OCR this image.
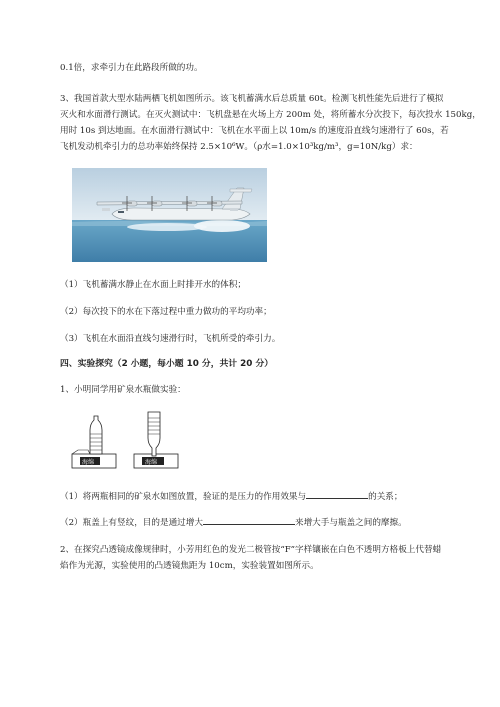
0.1倍，求牵引力在此路段所做的功。
3、我国首款大型水陆两栖飞机如图所示。该飞机蓄满水后总质量 60t。检测飞机性能先后进行了模拟
灭火和水面滑行测试。在灭火测试中：飞机盘悬在火场上方 200m 处，将所蓄水分次投下，每次投水 150kg，
用时 10s 到达地面。在水面滑行测试中：飞机在水平面上以 10m/s 的速度沿直线匀速滑行了 60s，若
飞机发动机牵引力的总功率始终保持 2.5×10⁶W。（ρ水=1.0×10³kg/m³，g=10N/kg）求：
（1）飞机蓄满水静止在水面上时排开水的体积；
（2）每次投下的水在下落过程中重力做功的平均功率；
（3）飞机在水面沿直线匀速滑行时，飞机所受的牵引力。
四、实验探究（2 小题，每小题 10 分，共计 20 分）
1、小明同学用矿泉水瓶做实验：
海绵	海绵
（1）将两瓶相同的矿泉水如图放置，验证的是压力的作用效果与	的关系；
（2）瓶盖上有竖纹，目的是通过增大	来增大手与瓶盖之间的摩擦。
2、在探究凸透镜成像规律时，小芳用红色的发光二极管按“F”字样镶嵌在白色不透明方格板上代替蜡
焰作为光源，实验使用的凸透镜焦距为 10cm，实验装置如图所示。
